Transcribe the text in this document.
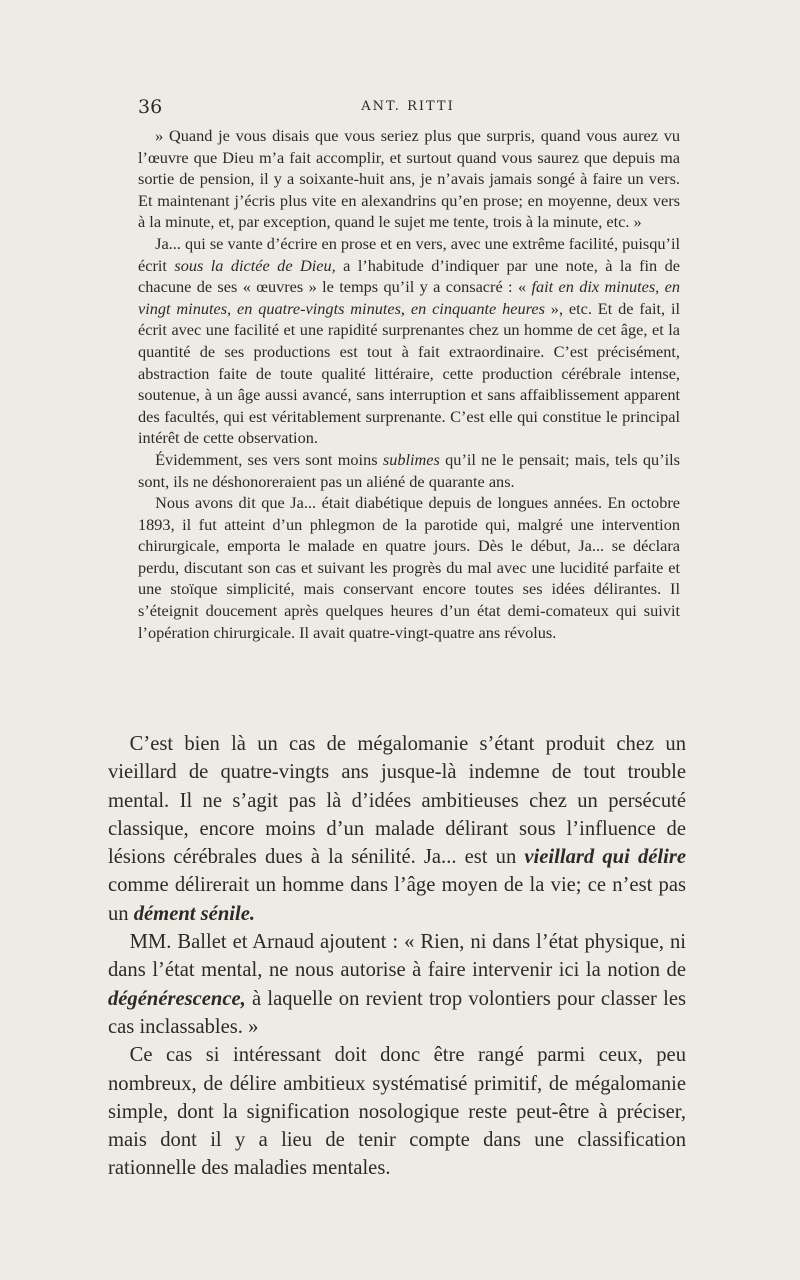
36	ANT. RITTI

» Quand je vous disais que vous seriez plus que surpris, quand vous aurez vu l’œuvre que Dieu m’a fait accomplir, et surtout quand vous saurez que depuis ma sortie de pension, il y a soixante-huit ans, je n’avais jamais songé à faire un vers. Et maintenant j’écris plus vite en alexandrins qu’en prose; en moyenne, deux vers à la minute, et, par exception, quand le sujet me tente, trois à la minute, etc. »

Ja... qui se vante d’écrire en prose et en vers, avec une extrême facilité, puisqu’il écrit sous la dictée de Dieu, a l’habitude d’indiquer par une note, à la fin de chacune de ses « œuvres » le temps qu’il y a consacré : « fait en dix minutes, en vingt minutes, en quatre-vingts minutes, en cinquante heures », etc. Et de fait, il écrit avec une facilité et une rapidité surprenantes chez un homme de cet âge, et la quantité de ses productions est tout à fait extraordinaire. C’est précisément, abstraction faite de toute qualité littéraire, cette production cérébrale intense, soutenue, à un âge aussi avancé, sans interruption et sans affaiblissement apparent des facultés, qui est véritablement surprenante. C’est elle qui constitue le principal intérêt de cette observation.

Évidemment, ses vers sont moins sublimes qu’il ne le pensait; mais, tels qu’ils sont, ils ne déshonoreraient pas un aliéné de quarante ans.

Nous avons dit que Ja... était diabétique depuis de longues années. En octobre 1893, il fut atteint d’un phlegmon de la parotide qui, malgré une intervention chirurgicale, emporta le malade en quatre jours. Dès le début, Ja... se déclara perdu, discutant son cas et suivant les progrès du mal avec une lucidité parfaite et une stoïque simplicité, mais conservant encore toutes ses idées délirantes. Il s’éteignit doucement après quelques heures d’un état demi-comateux qui suivit l’opération chirurgicale. Il avait quatre-vingt-quatre ans révolus.

C’est bien là un cas de mégalomanie s’étant produit chez un vieillard de quatre-vingts ans jusque-là indemne de tout trouble mental. Il ne s’agit pas là d’idées ambitieuses chez un persécuté classique, encore moins d’un malade délirant sous l’influence de lésions cérébrales dues à la sénilité. Ja... est un vieillard qui délire comme délirerait un homme dans l’âge moyen de la vie; ce n’est pas un dément sénile.

MM. Ballet et Arnaud ajoutent : « Rien, ni dans l’état physique, ni dans l’état mental, ne nous autorise à faire intervenir ici la notion de dégénérescence, à laquelle on revient trop volontiers pour classer les cas inclassables. »

Ce cas si intéressant doit donc être rangé parmi ceux, peu nombreux, de délire ambitieux systématisé primitif, de mégalomanie simple, dont la signification nosologique reste peut-être à préciser, mais dont il y a lieu de tenir compte dans une classification rationnelle des maladies mentales.
